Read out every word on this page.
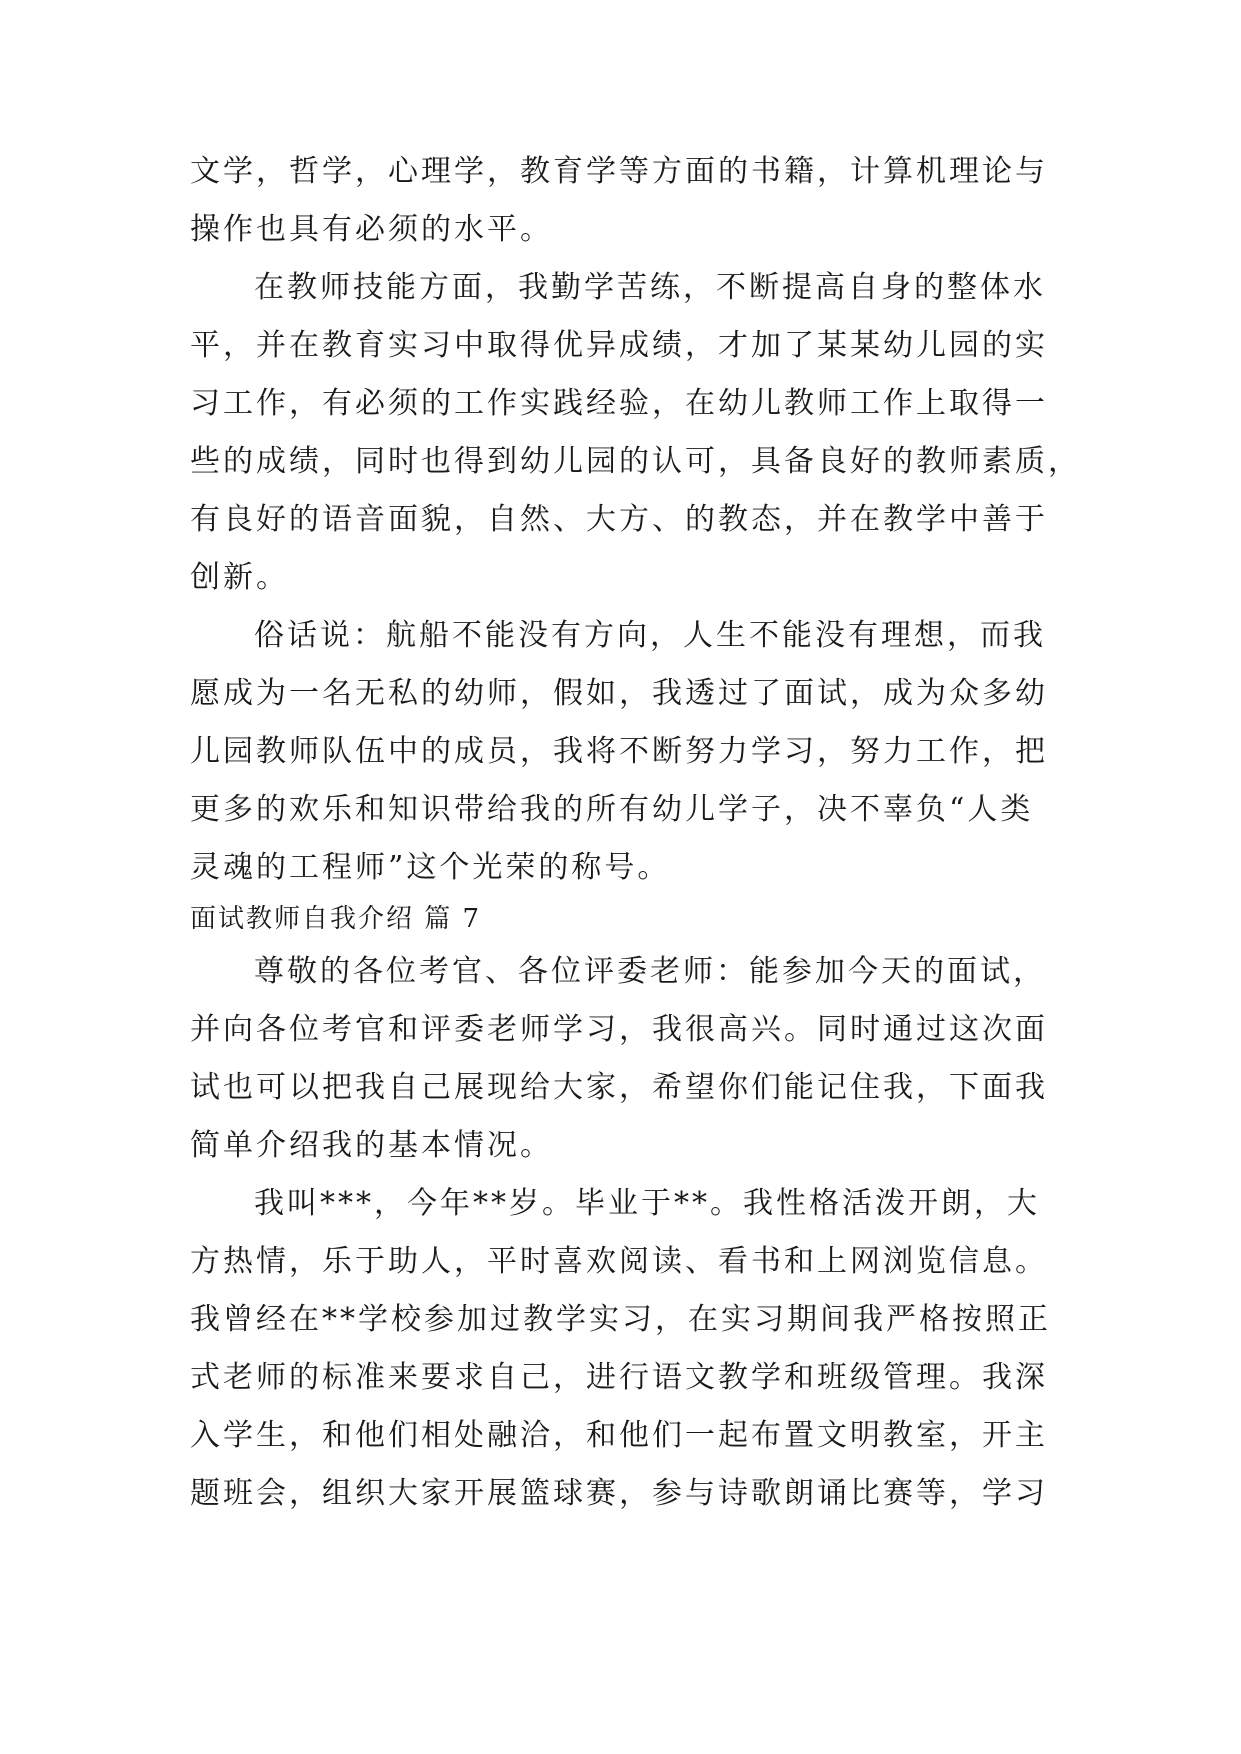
文学，哲学，心理学，教育学等方面的书籍，计算机理论与
操作也具有必须的水平。
在教师技能方面，我勤学苦练，不断提高自身的整体水
平，并在教育实习中取得优异成绩，才加了某某幼儿园的实
习工作，有必须的工作实践经验，在幼儿教师工作上取得一
些的成绩，同时也得到幼儿园的认可，具备良好的教师素质，
有良好的语音面貌，自然、大方、的教态，并在教学中善于
创新。
俗话说：航船不能没有方向，人生不能没有理想，而我
愿成为一名无私的幼师，假如，我透过了面试，成为众多幼
儿园教师队伍中的成员，我将不断努力学习，努力工作，把
更多的欢乐和知识带给我的所有幼儿学子，决不辜负“人类
灵魂的工程师”这个光荣的称号。
面试教师自我介绍 篇 7
尊敬的各位考官、各位评委老师：能参加今天的面试，
并向各位考官和评委老师学习，我很高兴。同时通过这次面
试也可以把我自己展现给大家，希望你们能记住我，下面我
简单介绍我的基本情况。
我叫***，今年**岁。毕业于**。我性格活泼开朗，大
方热情，乐于助人，平时喜欢阅读、看书和上网浏览信息。
我曾经在**学校参加过教学实习，在实习期间我严格按照正
式老师的标准来要求自己，进行语文教学和班级管理。我深
入学生，和他们相处融洽，和他们一起布置文明教室，开主
题班会，组织大家开展篮球赛，参与诗歌朗诵比赛等，学习
